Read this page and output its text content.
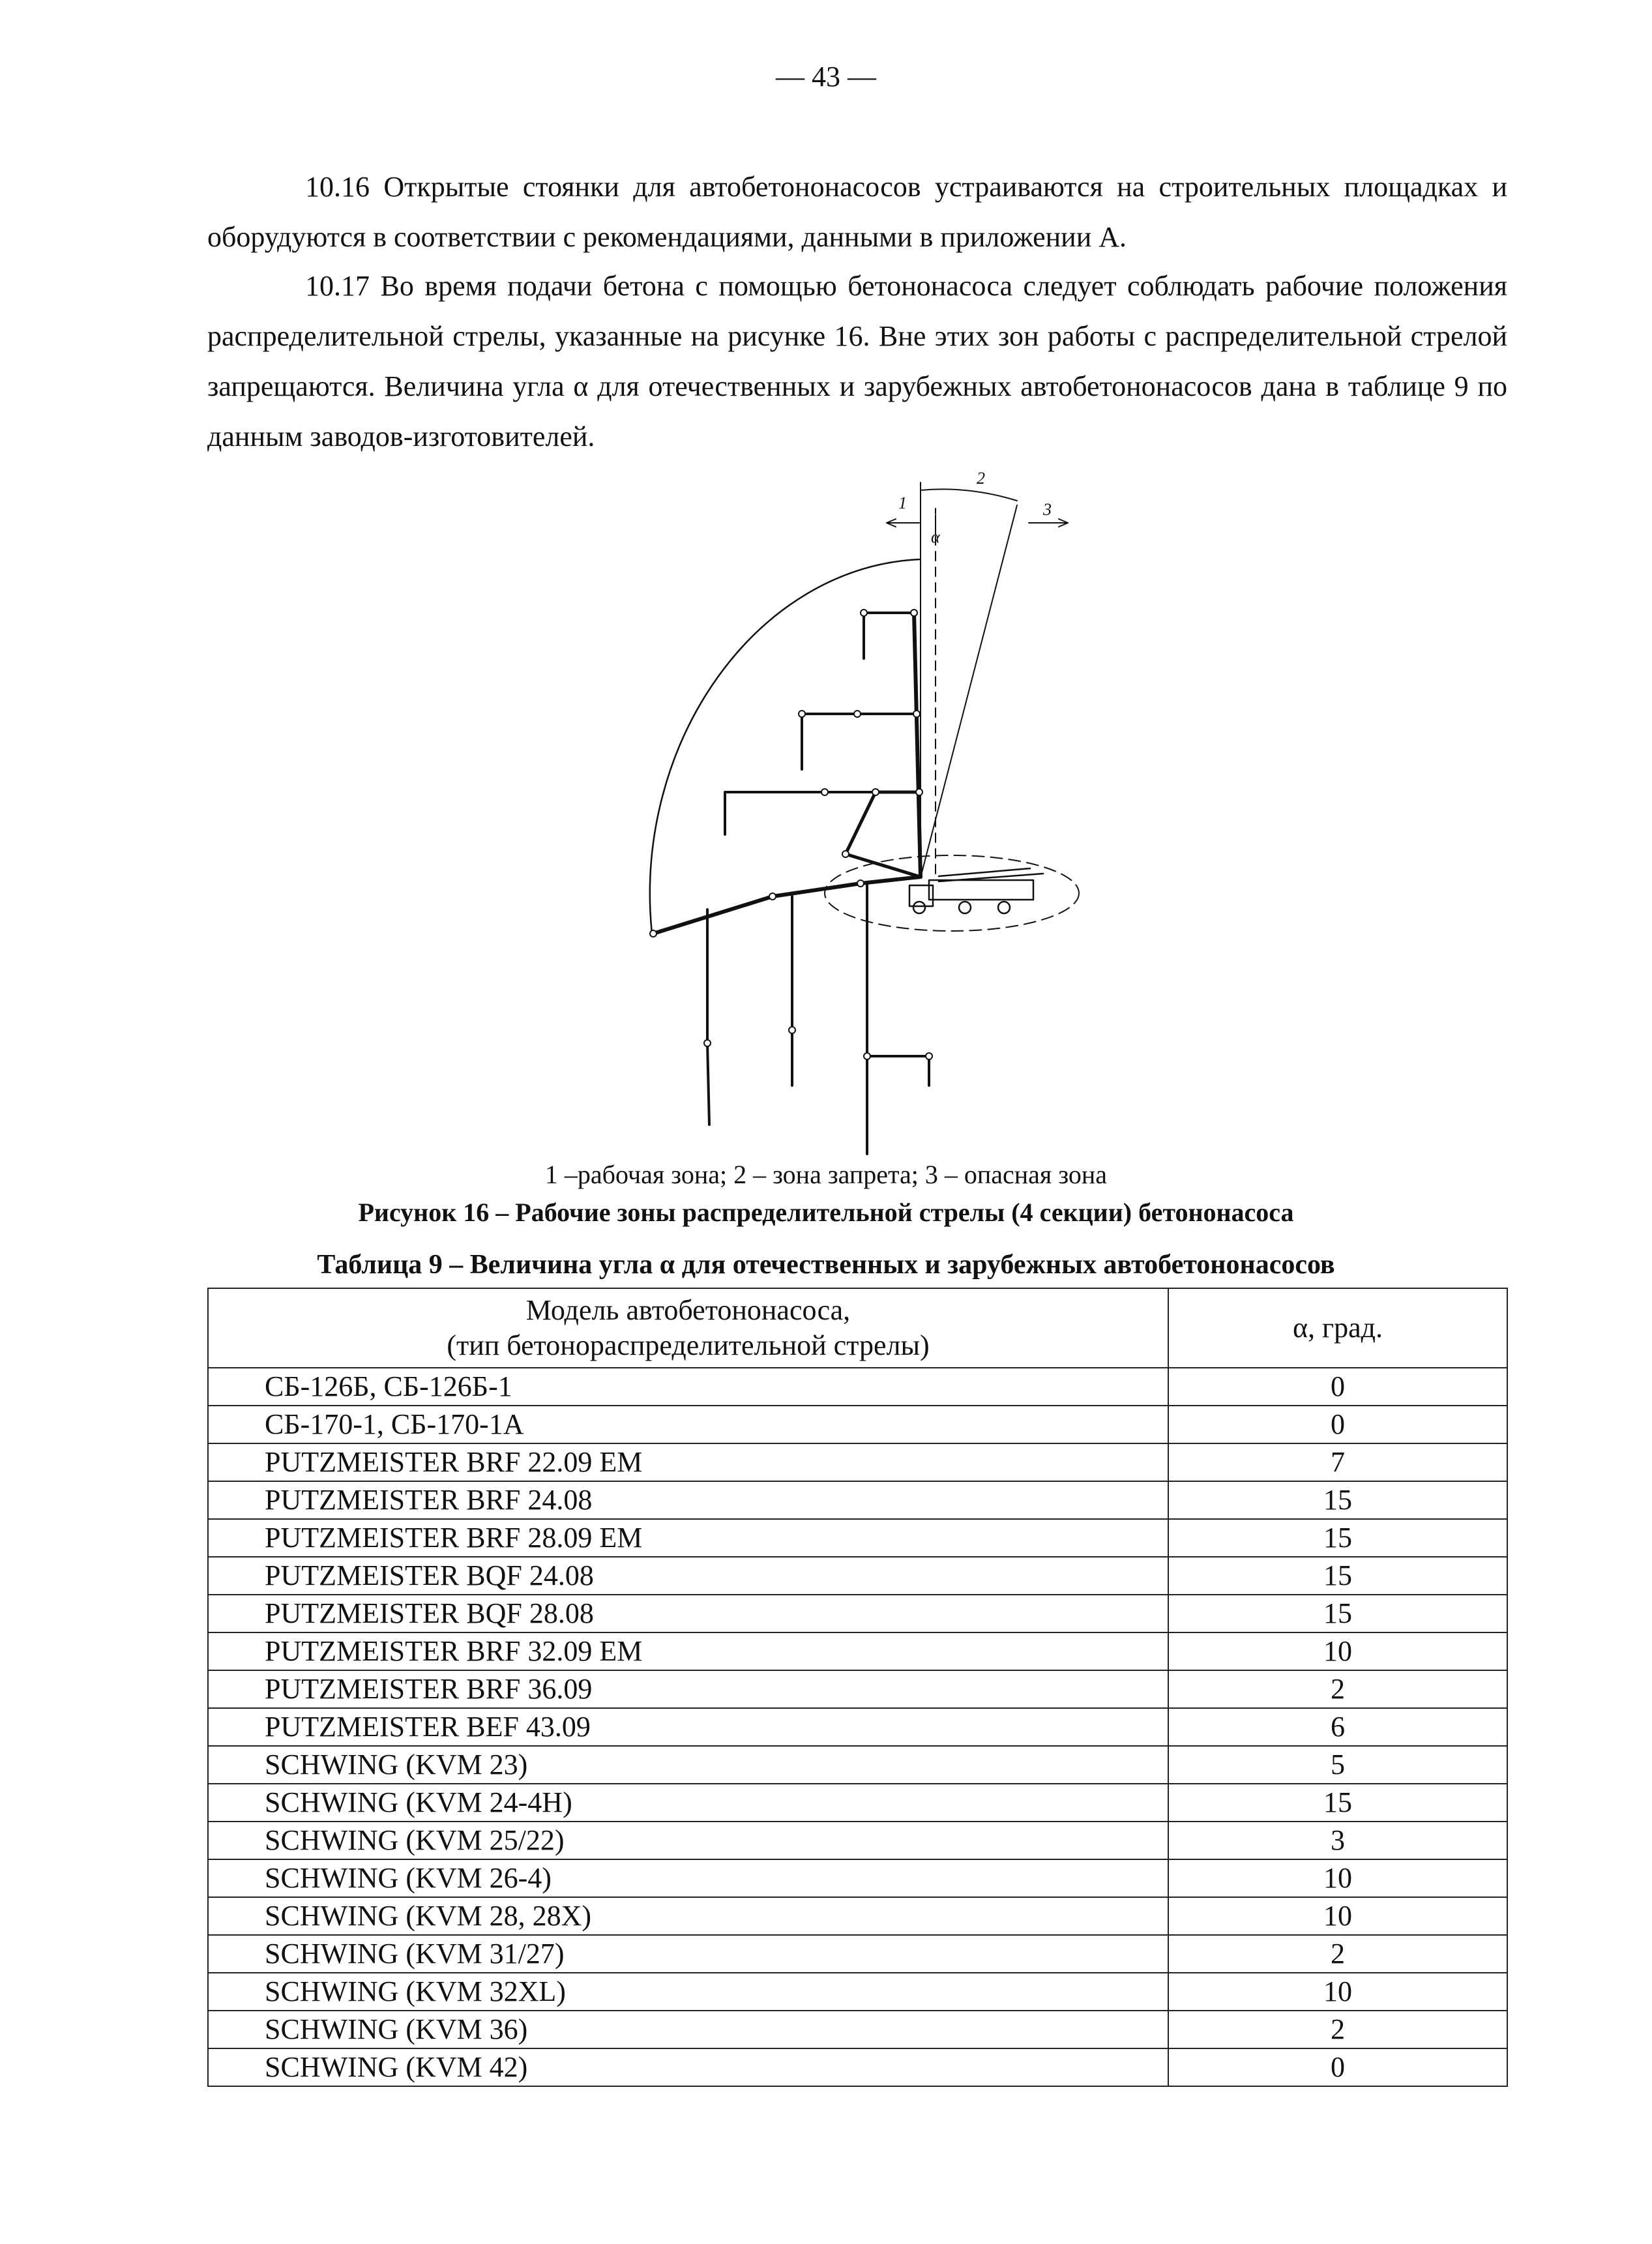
— 43 —

10.16 Открытые стоянки для автобетононасосов устраиваются на строительных площадках и оборудуются в соответствии с рекомендациями, данными в приложении А.

10.17 Во время подачи бетона с помощью бетононасоса следует соблюдать рабочие положения распределительной стрелы, указанные на рисунке 16. Вне этих зон работы с распределительной стрелой запрещаются. Величина угла α для отечественных и зарубежных автобетононасосов дана в таблице 9 по данным заводов-изготовителей.

1
2
3
α
1 –рабочая зона; 2 – зона запрета; 3 – опасная зона
Рисунок 16 – Рабочие зоны распределительной стрелы (4 секции) бетононасоса
Таблица 9 – Величина угла α для отечественных и зарубежных автобетононасосов
Модель автобетононасоса,
(тип бетонораспределительной стрелы)	α, град.
СБ-126Б, СБ-126Б-1	0
СБ-170-1, СБ-170-1А	0
PUTZMEISTER BRF 22.09 EM	7
PUTZMEISTER BRF 24.08	15
PUTZMEISTER BRF 28.09 EM	15
PUTZMEISTER BQF 24.08	15
PUTZMEISTER BQF 28.08	15
PUTZMEISTER BRF 32.09 EM	10
PUTZMEISTER BRF 36.09	2
PUTZMEISTER BEF 43.09	6
SCHWING (KVM 23)	5
SCHWING (KVM 24-4H)	15
SCHWING (KVM 25/22)	3
SCHWING (KVM 26-4)	10
SCHWING (KVM 28, 28X)	10
SCHWING (KVM 31/27)	2
SCHWING (KVM 32XL)	10
SCHWING (KVM 36)	2
SCHWING (KVM 42)	0
